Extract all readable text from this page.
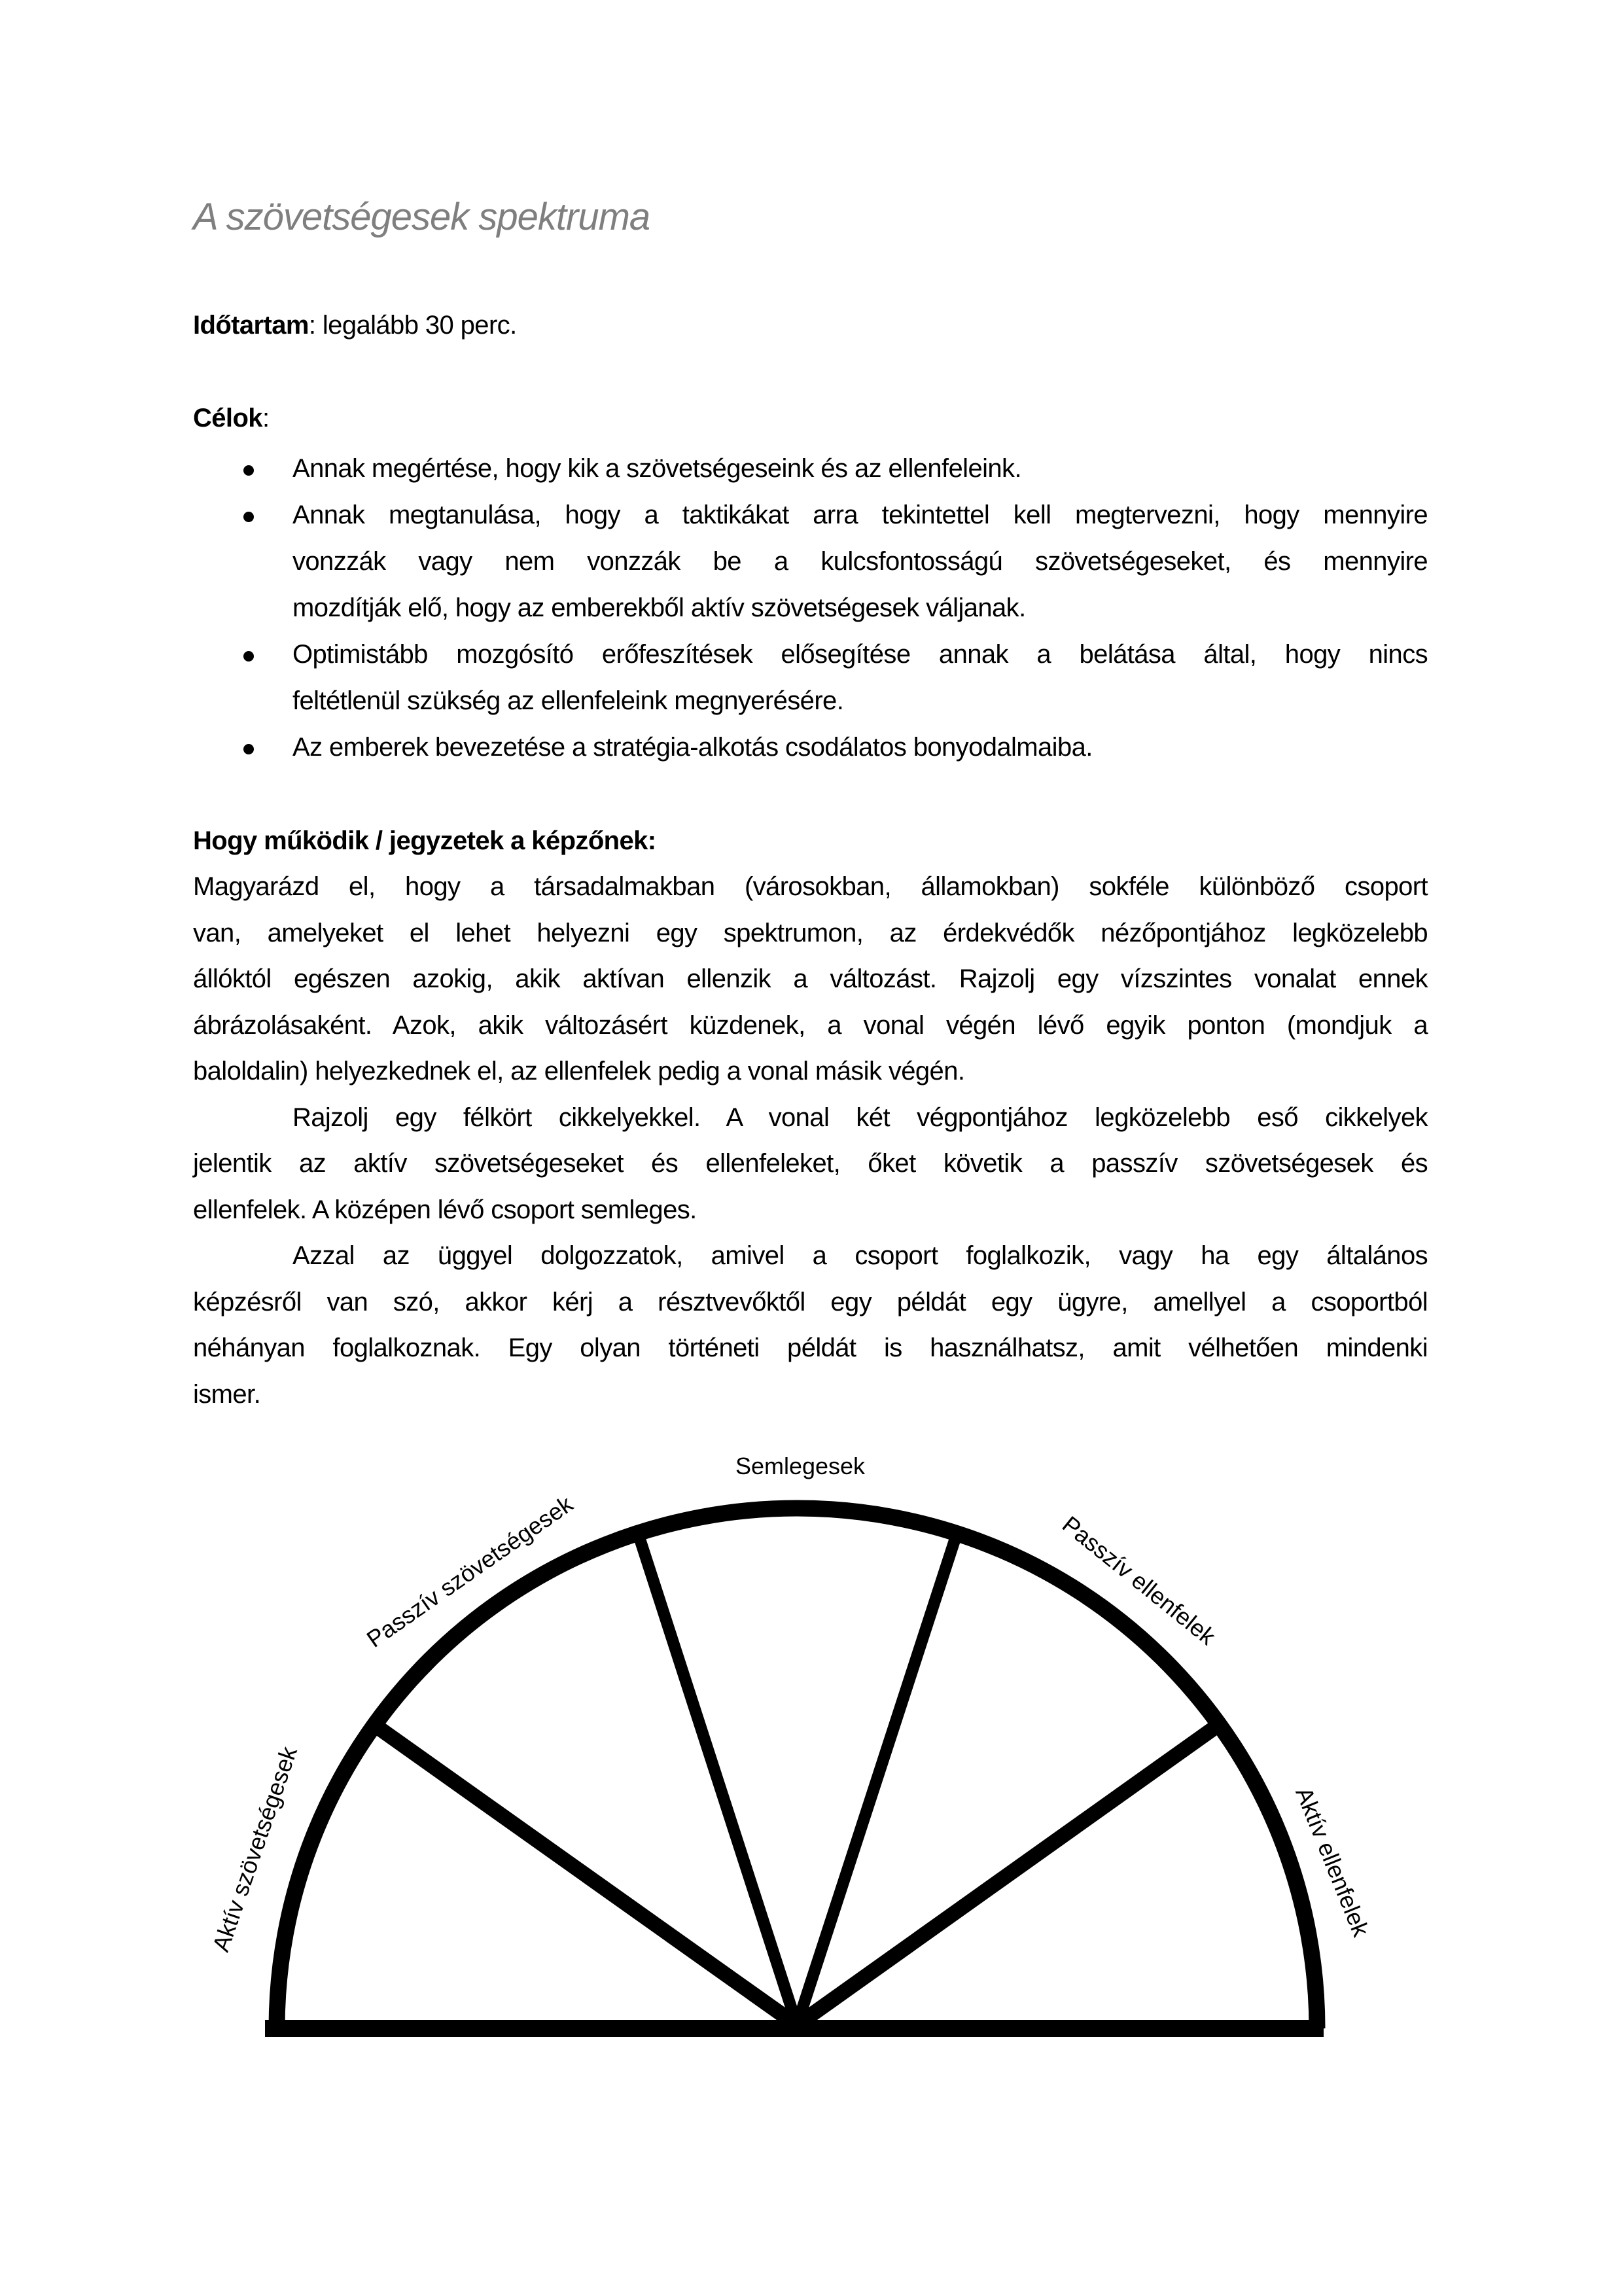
A szövetségesek spektruma
Időtartam: legalább 30 perc.
Célok:
Annak megértése, hogy kik a szövetségeseink és az ellenfeleink.
Annak megtanulása, hogy a taktikákat arra tekintettel kell megtervezni, hogy mennyire
vonzzák vagy nem vonzzák be a kulcsfontosságú szövetségeseket, és mennyire
mozdítják elő, hogy az emberekből aktív szövetségesek váljanak.
Optimistább mozgósító erőfeszítések elősegítése annak a belátása által, hogy nincs
feltétlenül szükség az ellenfeleink megnyerésére.
Az emberek bevezetése a stratégia-alkotás csodálatos bonyodalmaiba.
Hogy működik / jegyzetek a képzőnek:
Magyarázd el, hogy a társadalmakban (városokban, államokban) sokféle különböző csoport
van, amelyeket el lehet helyezni egy spektrumon, az érdekvédők nézőpontjához legközelebb
állóktól egészen azokig, akik aktívan ellenzik a változást. Rajzolj egy vízszintes vonalat ennek
ábrázolásaként. Azok, akik változásért küzdenek, a vonal végén lévő egyik ponton (mondjuk a
baloldalin) helyezkednek el, az ellenfelek pedig a vonal másik végén.
Rajzolj egy félkört cikkelyekkel. A vonal két végpontjához legközelebb eső cikkelyek
jelentik az aktív szövetségeseket és ellenfeleket, őket követik a passzív szövetségesek és
ellenfelek. A középen lévő csoport semleges.
Azzal az üggyel dolgozzatok, amivel a csoport foglalkozik, vagy ha egy általános
képzésről van szó, akkor kérj a résztvevőktől egy példát egy ügyre, amellyel a csoportból
néhányan foglalkoznak. Egy olyan történeti példát is használhatsz, amit vélhetően mindenki
ismer.
Aktív szövetségesek
Passzív szövetségesek
Semlegesek
Passzív ellenfelek
Aktív ellenfelek
